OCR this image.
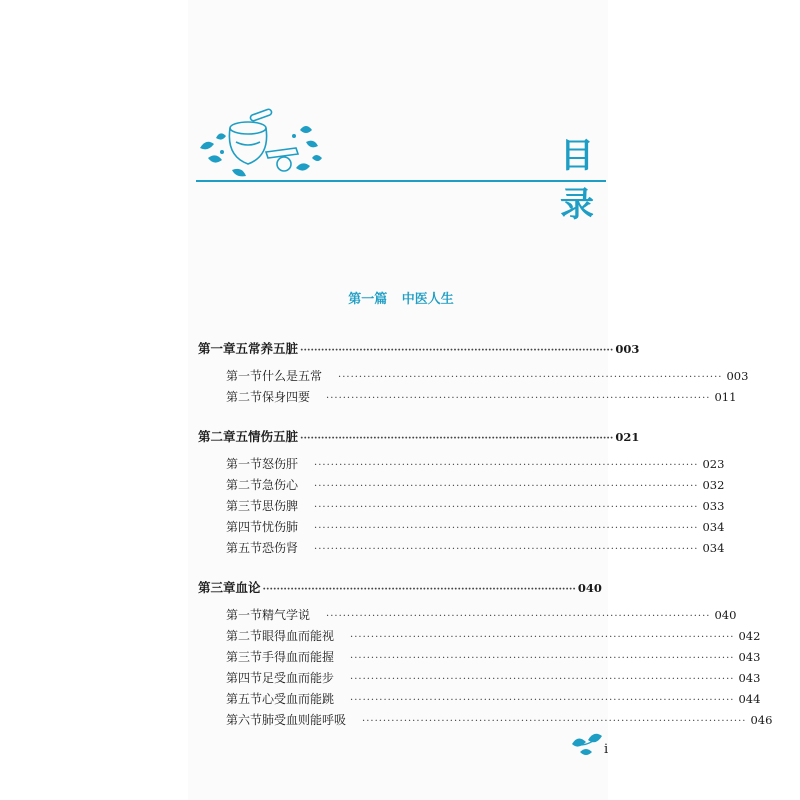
目 录
第一篇 中医人生
第一章 五常养五脏 ·························································································· 003
第一节 什么是五常 ···························································································· 003
第二节 保身四要 ···························································································· 011
第二章 五情伤五脏 ·························································································· 021
第一节 怒伤肝 ···························································································· 023
第二节 急伤心 ···························································································· 032
第三节 思伤脾 ···························································································· 033
第四节 忧伤肺 ···························································································· 034
第五节 恐伤肾 ···························································································· 034
第三章 血论 ·························································································· 040
第一节 精气学说 ···························································································· 040
第二节 眼得血而能视 ···························································································· 042
第三节 手得血而能握 ···························································································· 043
第四节 足受血而能步 ···························································································· 043
第五节 心受血而能跳 ···························································································· 044
第六节 肺受血则能呼吸 ···························································································· 046
i
